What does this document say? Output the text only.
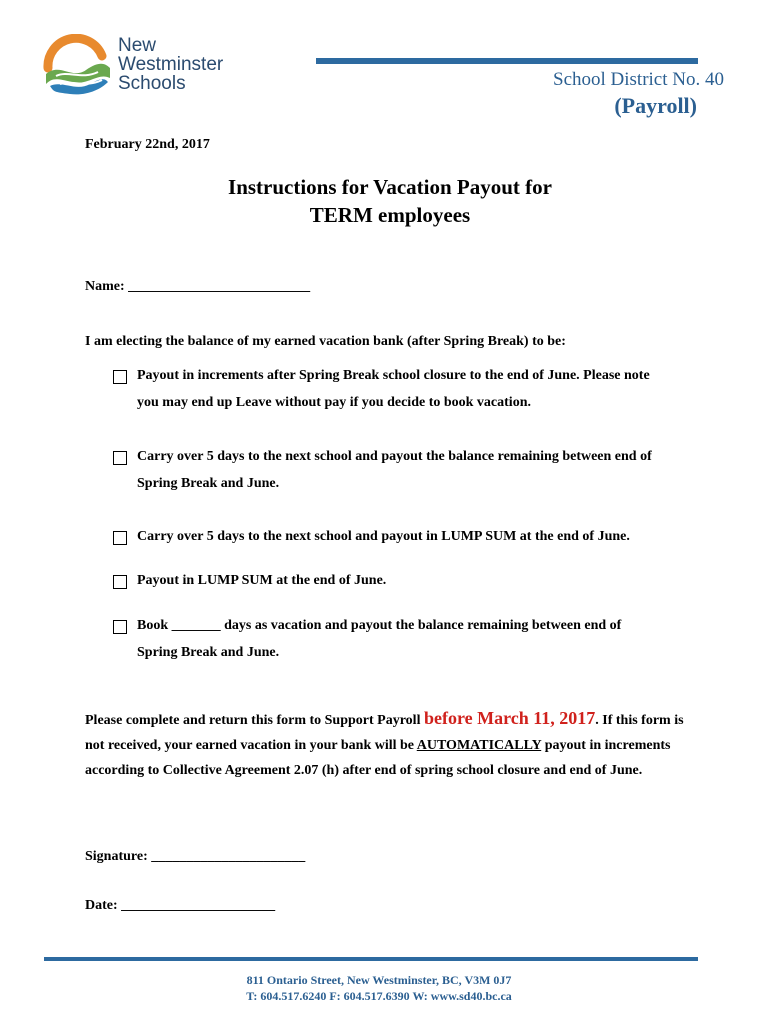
New
Westminster
Schools	School District No. 40
(Payroll)
February 22nd, 2017
Instructions for Vacation Payout for
TERM employees
Name: __________________________
I am electing the balance of my earned vacation bank (after Spring Break) to be:
Payout in increments after Spring Break school closure to the end of June. Please note
you may end up Leave without pay if you decide to book vacation.
Carry over 5 days to the next school and payout the balance remaining between end of
Spring Break and June.
Carry over 5 days to the next school and payout in LUMP SUM at the end of June.
Payout in LUMP SUM at the end of June.
Book _______ days as vacation and payout the balance remaining between end of
Spring Break and June.
Please complete and return this form to Support Payroll before March 11, 2017. If this form is not received, your earned vacation in your bank will be AUTOMATICALLY payout in increments according to Collective Agreement 2.07 (h) after end of spring school closure and end of June.
Signature: ______________________
Date: ______________________
811 Ontario Street, New Westminster, BC, V3M 0J7
T: 604.517.6240 F: 604.517.6390 W: www.sd40.bc.ca
